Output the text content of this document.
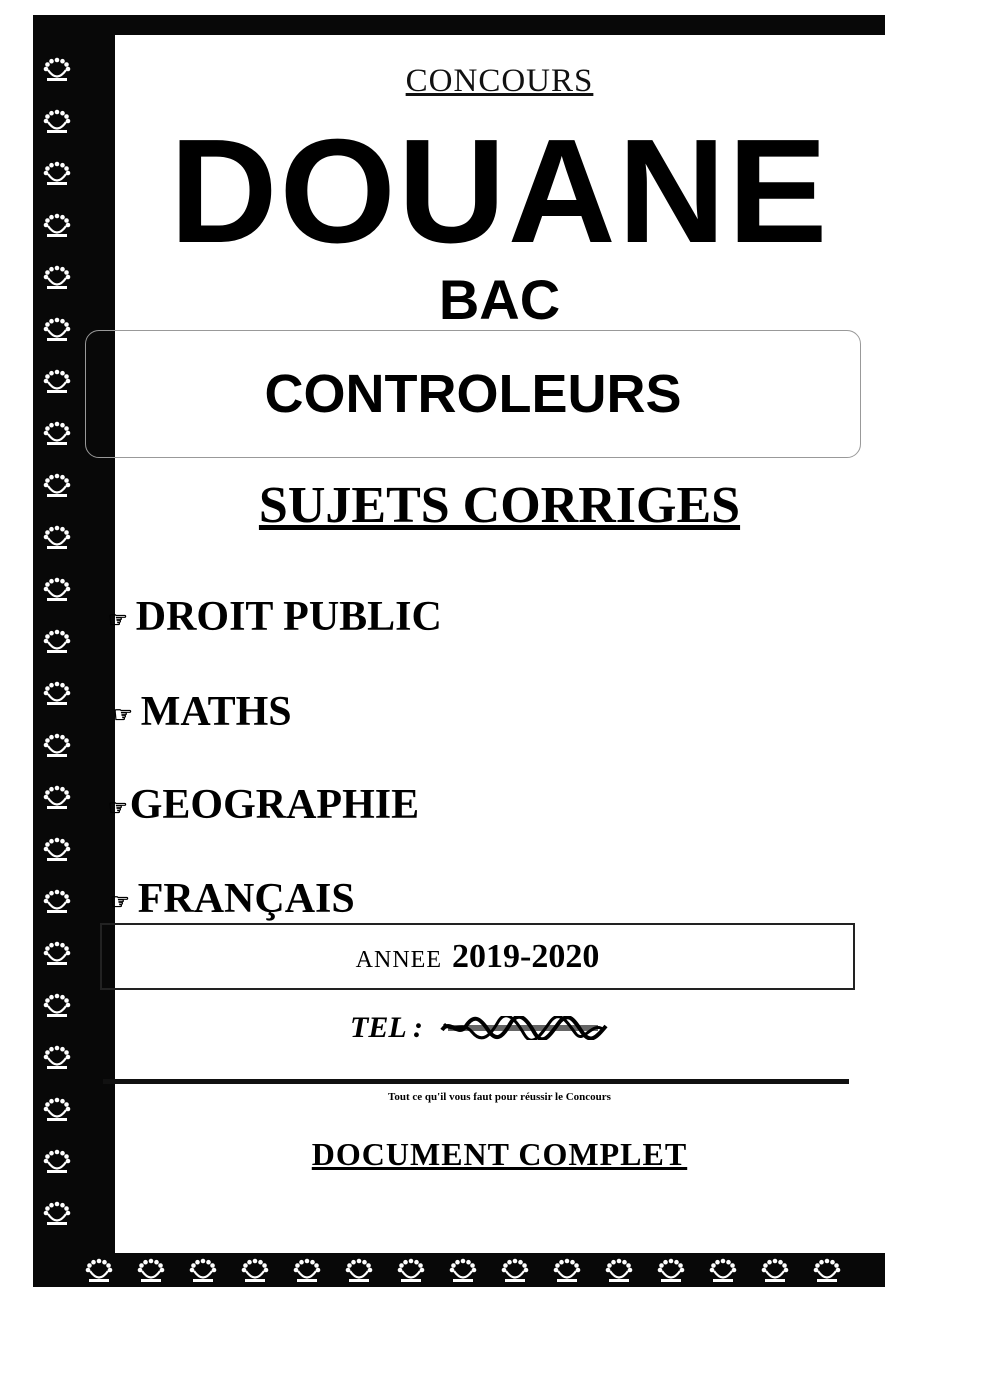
CONCOURS
DOUANE
BAC
CONTROLEURS
SUJETS CORRIGES
☞ DROIT PUBLIC
☞ MATHS
☞GEOGRAPHIE
☞ FRANÇAIS
ANNEE 2019-2020
TEL :
Tout ce qu'il vous faut pour réussir le Concours
DOCUMENT COMPLET
